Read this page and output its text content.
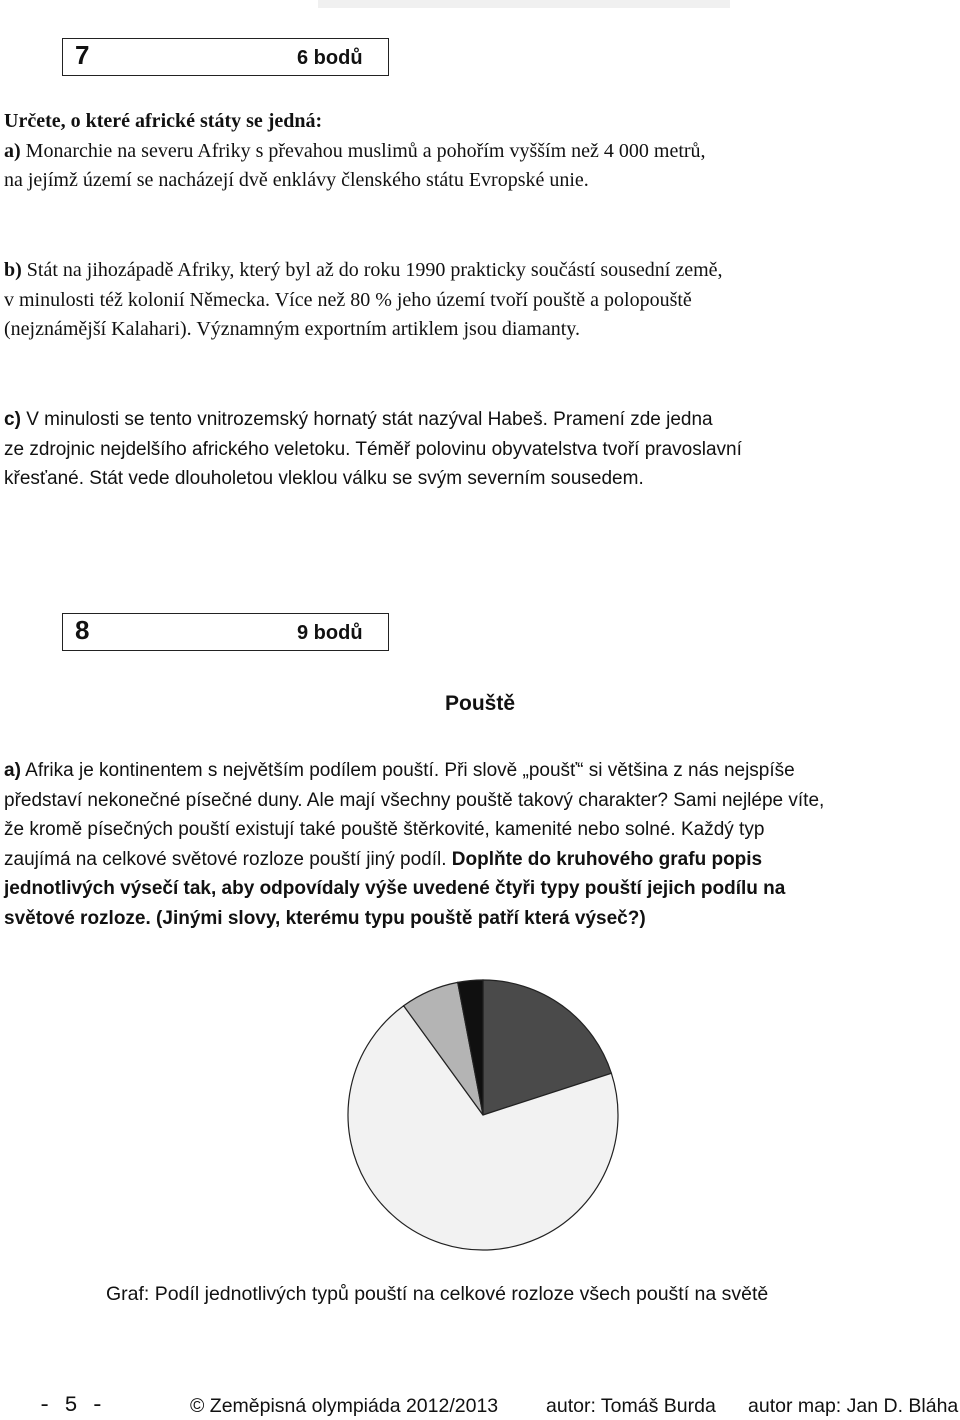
7	6 bodů
Určete, o které africké státy se jedná:
a) Monarchie na severu Afriky s převahou muslimů a pohořím vyšším než 4 000 metrů,
na jejímž území se nacházejí dvě enklávy členského státu Evropské unie.
b) Stát na jihozápadě Afriky, který byl až do roku 1990 prakticky součástí sousední země,
v minulosti též kolonií Německa. Více než 80 % jeho území tvoří pouště a polopouště
(nejznámější Kalahari). Významným exportním artiklem jsou diamanty.
c) V minulosti se tento vnitrozemský hornatý stát nazýval Habeš. Pramení zde jedna
ze zdrojnic nejdelšího afrického veletoku. Téměř polovinu obyvatelstva tvoří pravoslavní
křesťané. Stát vede dlouholetou vleklou válku se svým severním sousedem.
8	9 bodů
Pouště
a) Afrika je kontinentem s největším podílem pouští. Při slově „poušť“ si většina z nás nejspíše
představí nekonečné písečné duny. Ale mají všechny pouště takový charakter? Sami nejlépe víte,
že kromě písečných pouští existují také pouště štěrkovité, kamenité nebo solné. Každý typ
zaujímá na celkové světové rozloze pouští jiný podíl. Doplňte do kruhového grafu popis
jednotlivých výsečí tak, aby odpovídaly výše uvedené čtyři typy pouští jejich podílu na
světové rozloze. (Jinými slovy, kterému typu pouště patří která výseč?)
Graf: Podíl jednotlivých typů pouští na celkové rozloze všech pouští na světě
- 5 -	© Zeměpisná olympiáda 2012/2013 autor: Tomáš Burda autor map: Jan D. Bláha
